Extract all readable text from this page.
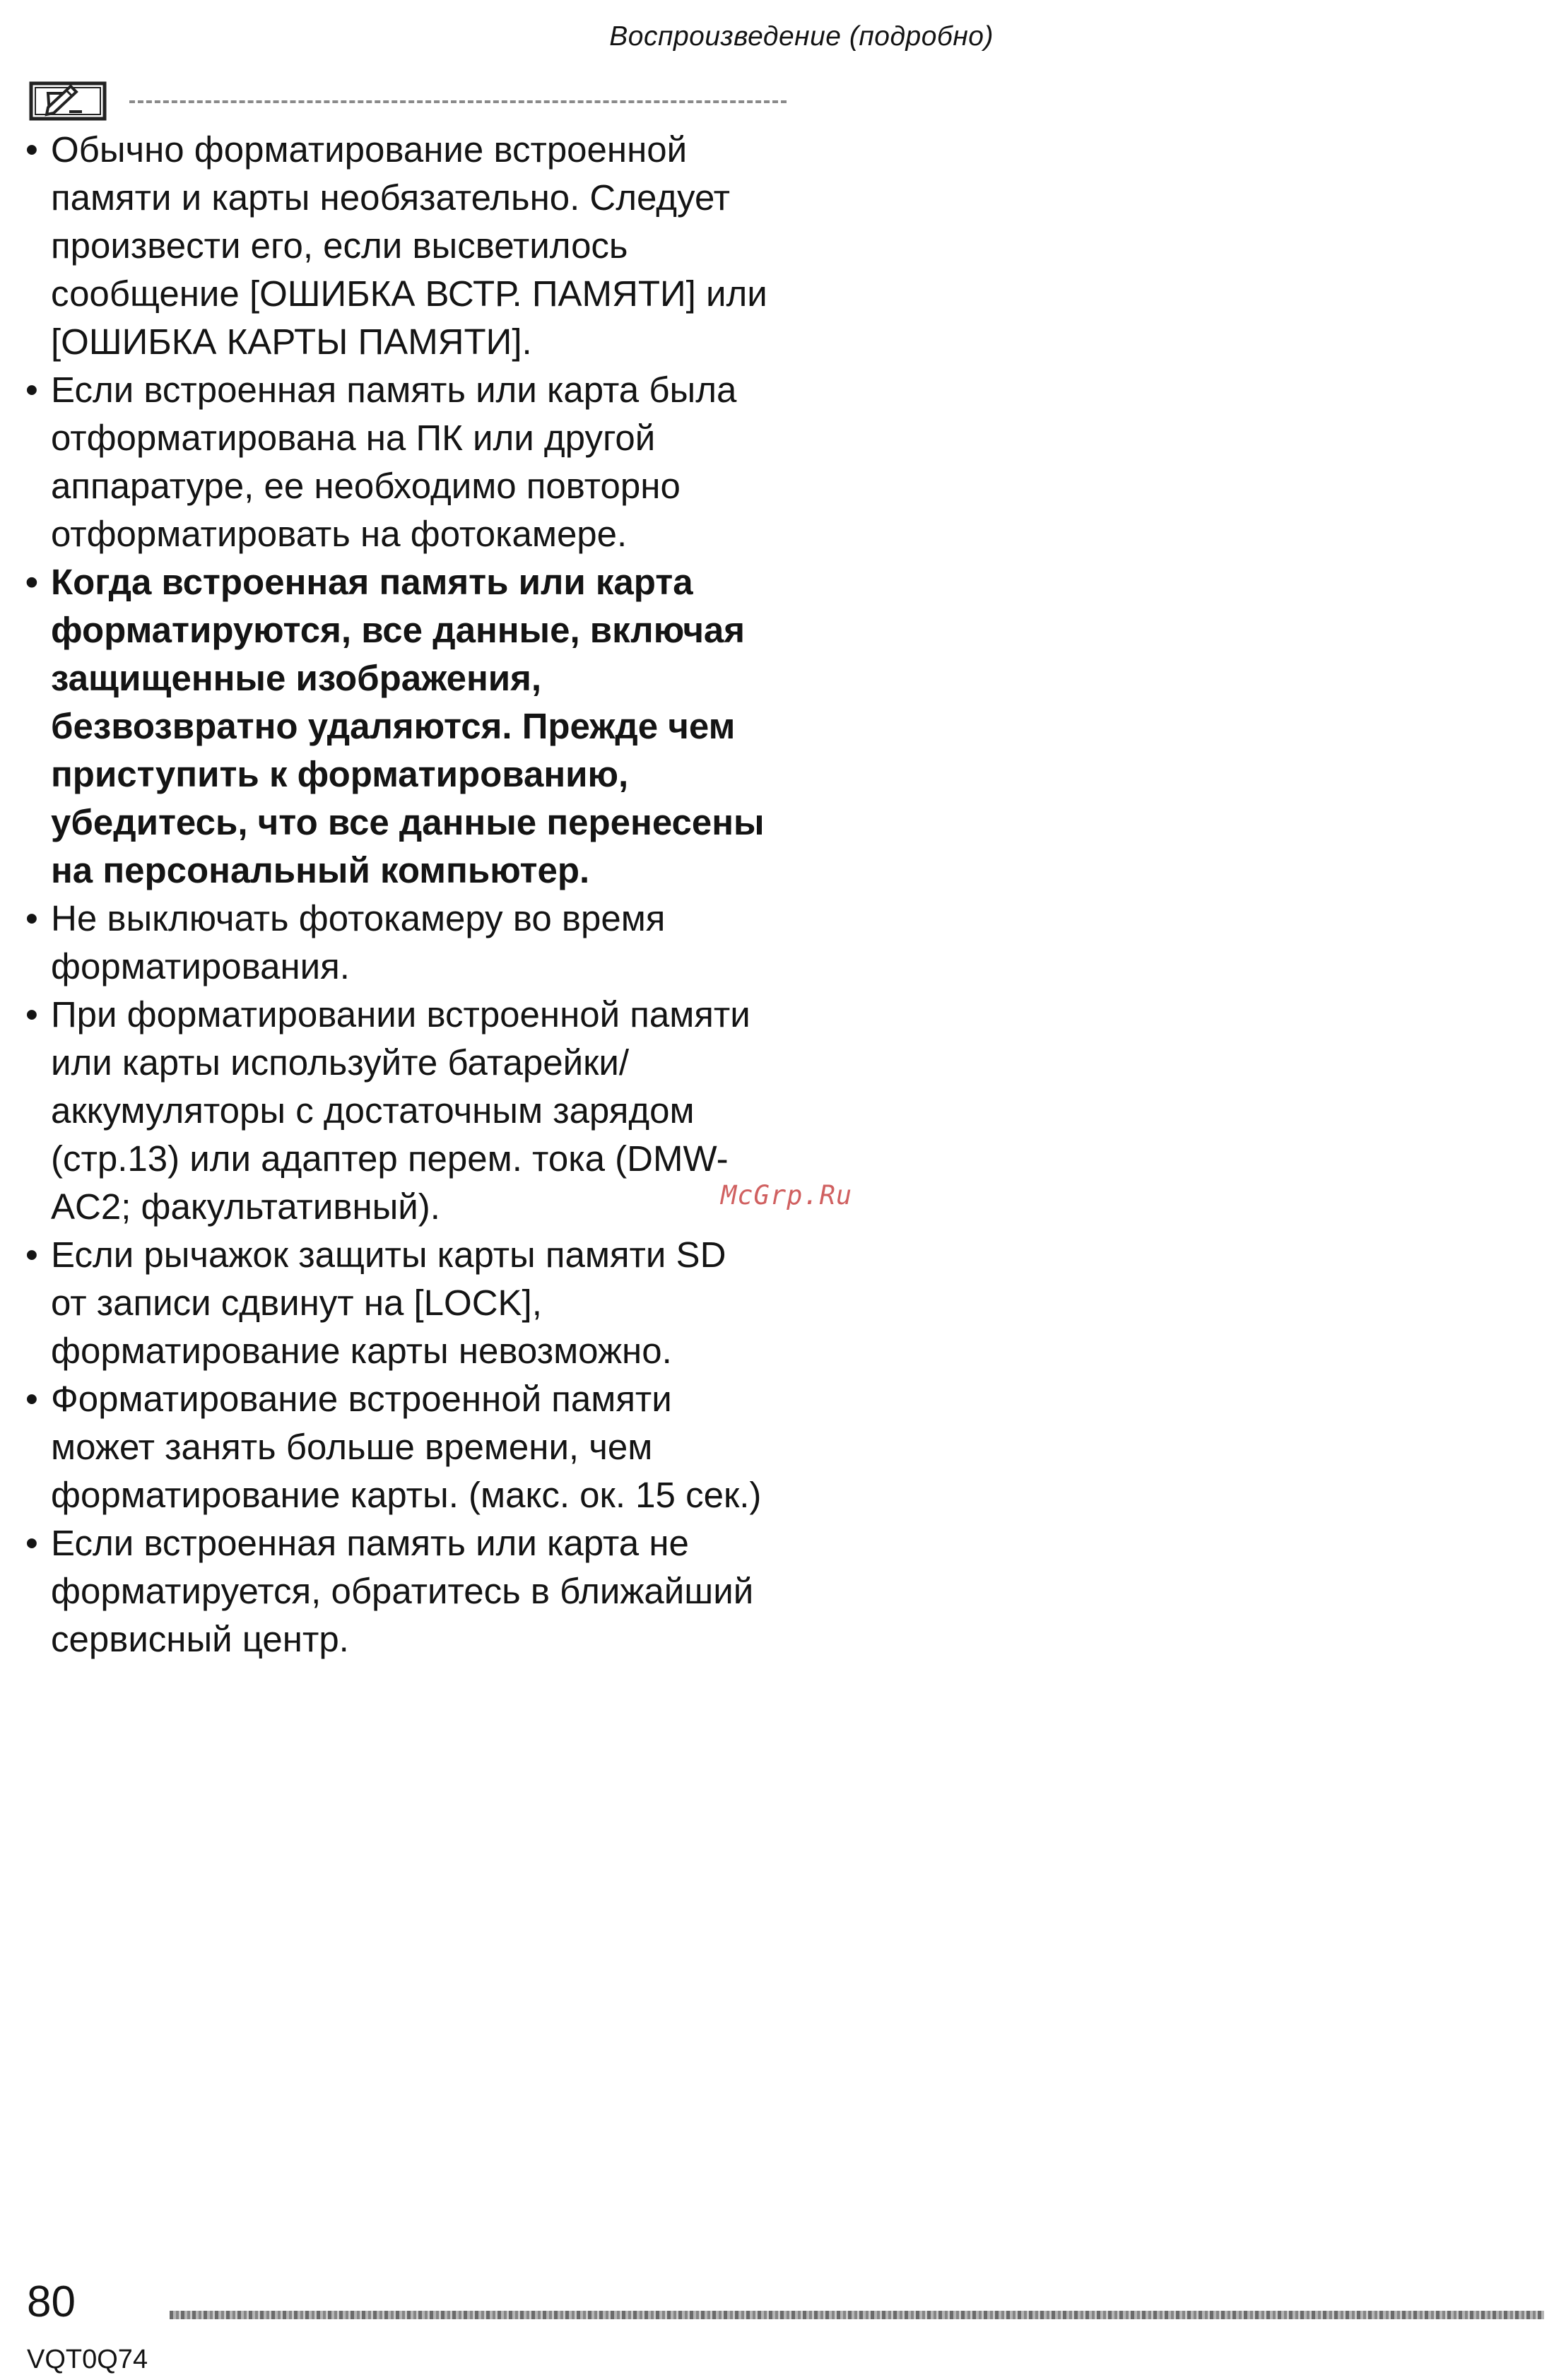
Воспроизведение (подробно)
• Обычно форматирование встроенной памяти и карты необязательно. Следует произвести его, если высветилось сообщение [ОШИБКА ВСТР. ПАМЯТИ] или [ОШИБКА КАРТЫ ПАМЯТИ].
• Если встроенная память или карта была отформатирована на ПК или другой аппаратуре, ее необходимо повторно отформатировать на фотокамере.
• Когда встроенная память или карта форматируются, все данные, включая защищенные изображения, безвозвратно удаляются. Прежде чем приступить к форматированию, убедитесь, что все данные перенесены на персональный компьютер.
• Не выключать фотокамеру во время форматирования.
• При форматировании встроенной памяти или карты используйте батарейки/аккумуляторы с достаточным зарядом (стр.13) или адаптер перем. тока (DMW-AC2; факультативный).
• Если рычажок защиты карты памяти SD от записи сдвинут на [LOCK], форматирование карты невозможно.
• Форматирование встроенной памяти может занять больше времени, чем форматирование карты. (макс. ок. 15 сек.)
• Если встроенная память или карта не форматируется, обратитесь в ближайший сервисный центр.
McGrp.Ru
80
VQT0Q74
